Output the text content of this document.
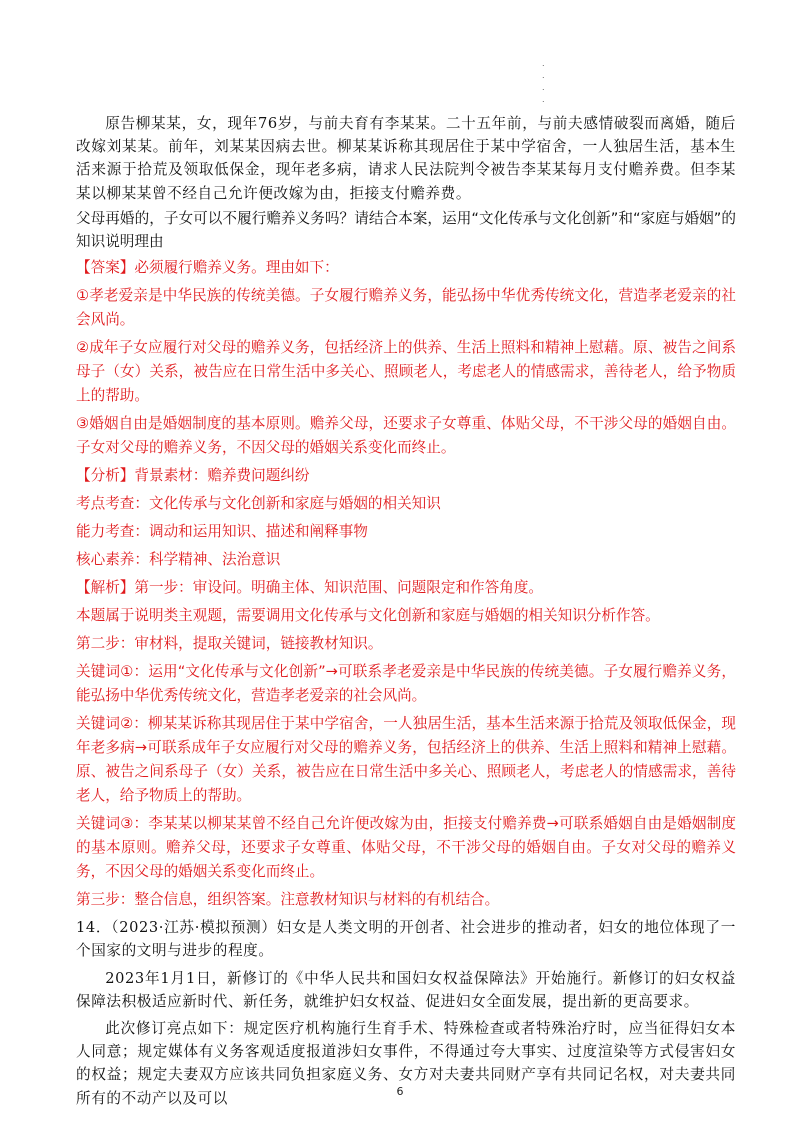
.
.
.
.

原告柳某某，女，现年76岁，与前夫育有李某某。二十五年前，与前夫感情破裂而离婚，随后改嫁刘某某。前年，刘某某因病去世。柳某某诉称其现居住于某中学宿舍，一人独居生活，基本生活来源于拾荒及领取低保金，现年老多病，请求人民法院判令被告李某某每月支付赡养费。但李某某以柳某某曾不经自己允许便改嫁为由，拒接支付赡养费。

父母再婚的，子女可以不履行赡养义务吗？请结合本案，运用“文化传承与文化创新”和“家庭与婚姻”的知识说明理由

【答案】必须履行赡养义务。理由如下：

①孝老爱亲是中华民族的传统美德。子女履行赡养义务，能弘扬中华优秀传统文化，营造孝老爱亲的社会风尚。

②成年子女应履行对父母的赡养义务，包括经济上的供养、生活上照料和精神上慰藉。原、被告之间系母子（女）关系，被告应在日常生活中多关心、照顾老人，考虑老人的情感需求，善待老人，给予物质上的帮助。

③婚姻自由是婚姻制度的基本原则。赡养父母，还要求子女尊重、体贴父母，不干涉父母的婚姻自由。子女对父母的赡养义务，不因父母的婚姻关系变化而终止。

【分析】背景素材：赡养费问题纠纷

考点考查：文化传承与文化创新和家庭与婚姻的相关知识

能力考查：调动和运用知识、描述和阐释事物

核心素养：科学精神、法治意识

【解析】第一步：审设问。明确主体、知识范围、问题限定和作答角度。

本题属于说明类主观题，需要调用文化传承与文化创新和家庭与婚姻的相关知识分析作答。

第二步：审材料，提取关键词，链接教材知识。

关键词①：运用“文化传承与文化创新”→可联系孝老爱亲是中华民族的传统美德。子女履行赡养义务，能弘扬中华优秀传统文化，营造孝老爱亲的社会风尚。

关键词②：柳某某诉称其现居住于某中学宿舍，一人独居生活，基本生活来源于拾荒及领取低保金，现年老多病→可联系成年子女应履行对父母的赡养义务，包括经济上的供养、生活上照料和精神上慰藉。原、被告之间系母子（女）关系，被告应在日常生活中多关心、照顾老人，考虑老人的情感需求，善待老人，给予物质上的帮助。

关键词③：李某某以柳某某曾不经自己允许便改嫁为由，拒接支付赡养费→可联系婚姻自由是婚姻制度的基本原则。赡养父母，还要求子女尊重、体贴父母，不干涉父母的婚姻自由。子女对父母的赡养义务，不因父母的婚姻关系变化而终止。

第三步：整合信息，组织答案。注意教材知识与材料的有机结合。

14．（2023·江苏·模拟预测）妇女是人类文明的开创者、社会进步的推动者，妇女的地位体现了一个国家的文明与进步的程度。

2023年1月1日，新修订的《中华人民共和国妇女权益保障法》开始施行。新修订的妇女权益保障法积极适应新时代、新任务，就维护妇女权益、促进妇女全面发展，提出新的更高要求。

此次修订亮点如下：规定医疗机构施行生育手术、特殊检查或者特殊治疗时，应当征得妇女本人同意；规定媒体有义务客观适度报道涉妇女事件，不得通过夸大事实、过度渲染等方式侵害妇女的权益；规定夫妻双方应该共同负担家庭义务、女方对夫妻共同财产享有共同记名权，对夫妻共同所有的不动产以及可以	6
